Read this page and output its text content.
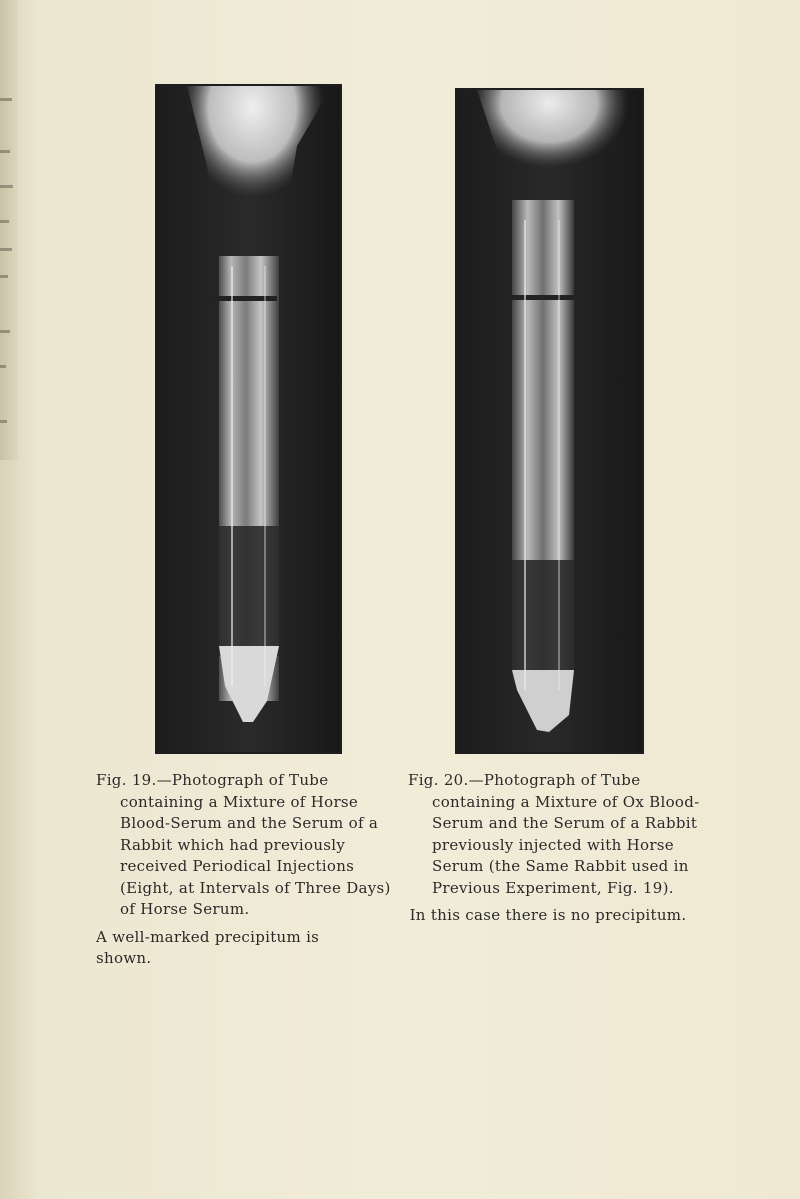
Fig. 19.—Photograph of Tube containing a Mixture of Horse Blood-Serum and the Serum of a Rabbit which had previously received Periodical Injections (Eight, at Intervals of Three Days) of Horse Serum.
A well-marked precipitum is shown.
Fig. 20.—Photograph of Tube containing a Mixture of Ox Blood-Serum and the Serum of a Rabbit previously injected with Horse Serum (the Same Rabbit used in Previous Experiment, Fig. 19).
In this case there is no precipitum.
